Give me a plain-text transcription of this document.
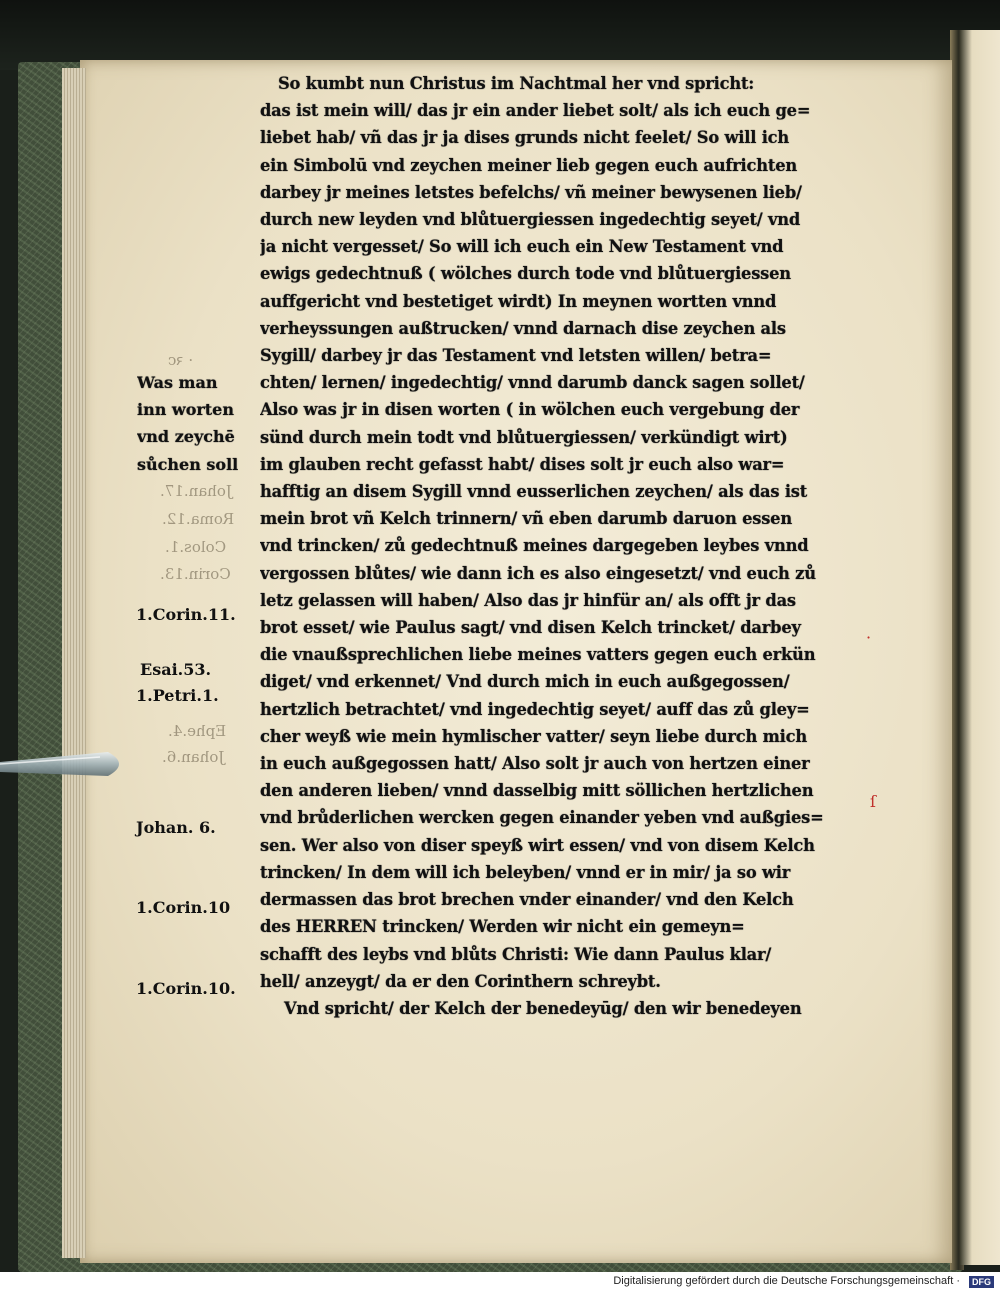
· ꝛc
Johan.17.
Roma.12.
Colos.1.
Corin.13.
Ephe.4.
Johan.6.
So kumbt nun Christus im Nachtmal her vnd spricht:
das ist mein will/ das jr ein ander liebet solt/ als ich euch ge=
liebet hab/ vñ das jr ja dises grunds nicht feelet/ So will ich
ein Simbolū vnd zeychen meiner lieb gegen euch aufrichten
darbey jr meines letstes befelchs/ vñ meiner bewysenen lieb/
durch new leyden vnd blůtuergiessen ingedechtig seyet/ vnd
ja nicht vergesset/ So will ich euch ein New Testament vnd
ewigs gedechtnuß ( wölches durch tode vnd blůtuergiessen
auffgericht vnd bestetiget wirdt) In meynen wortten vnnd
verheyssungen außtrucken/ vnnd darnach dise zeychen als
Sygill/ darbey jr das Testament vnd letsten willen/ betra=
chten/ lernen/ ingedechtig/ vnnd darumb danck sagen sollet/
Also was jr in disen worten ( in wölchen euch vergebung der
sünd durch mein todt vnd blůtuergiessen/ verkündigt wirt)
im glauben recht gefasst habt/ dises solt jr euch also war=
hafftig an disem Sygill vnnd eusserlichen zeychen/ als das ist
mein brot vñ Kelch trinnern/ vñ eben darumb daruon essen
vnd trincken/ zů gedechtnuß meines dargegeben leybes vnnd
vergossen blůtes/ wie dann ich es also eingesetzt/ vnd euch zů
letz gelassen will haben/ Also das jr hinfür an/ als offt jr das
brot esset/ wie Paulus sagt/ vnd disen Kelch trincket/ darbey
die vnaußsprechlichen liebe meines vatters gegen euch erkün
diget/ vnd erkennet/ Vnd durch mich in euch außgegossen/
hertzlich betrachtet/ vnd ingedechtig seyet/ auff das zů gley=
cher weyß wie mein hymlischer vatter/ seyn liebe durch mich
in euch außgegossen hatt/ Also solt jr auch von hertzen einer
den anderen lieben/ vnnd dasselbig mitt söllichen hertzlichen
vnd brůderlichen wercken gegen einander yeben vnd außgies=
sen. Wer also von diser speyß wirt essen/ vnd von disem Kelch
trincken/ In dem will ich beleyben/ vnnd er in mir/ ja so wir
dermassen das brot brechen vnder einander/ vnd den Kelch
des HERREN trincken/ Werden wir nicht ein gemeyn=
schafft des leybs vnd blůts Christi: Wie dann Paulus klar/
hell/ anzeygt/ da er den Corinthern schreybt.
Vnd spricht/ der Kelch der benedeyūg/ den wir benedeyen
Was man
inn worten
vnd zeychē
sůchen soll
1.Corin.11.
Esai.53.
1.Petri.1.
Johan. 6.
1.Corin.10
1.Corin.10.
·
ſ
Digitalisierung gefördert durch die Deutsche Forschungsgemeinschaft ·	DFG
